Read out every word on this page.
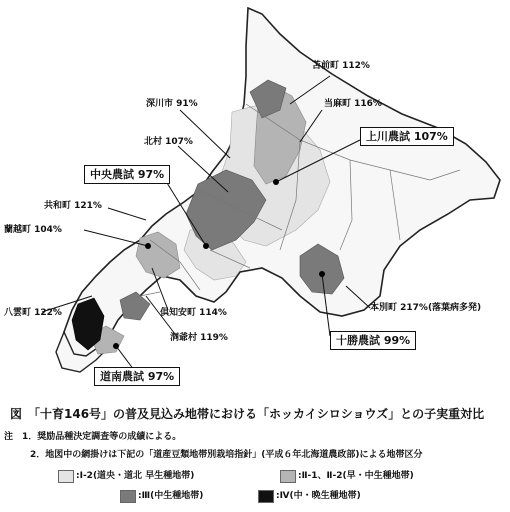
苫前町 112%
深川市 91%	当麻町 116%
北村 107%	上川農試 107%
中央農試 97%
共和町 121%
蘭越町 104%
八雲町 122%	倶知安町 114%
洞爺村 119%
本別町 217%(落葉病多発)
十勝農試 99%
道南農試 97%
図　「十育146号」の普及見込み地帯における「ホッカイシロショウズ」との子実重対比
注　1．奨励品種決定調査等の成績による。
2．地図中の網掛けは下記の「道産豆類地帯別栽培指針」(平成６年北海道農政部)による地帯区分
:Ⅰ-2(道央・道北 早生種地帯)	:Ⅱ-1、Ⅱ-2(早・中生種地帯)
:Ⅲ(中生種地帯)	:Ⅳ(中・晩生種地帯)
